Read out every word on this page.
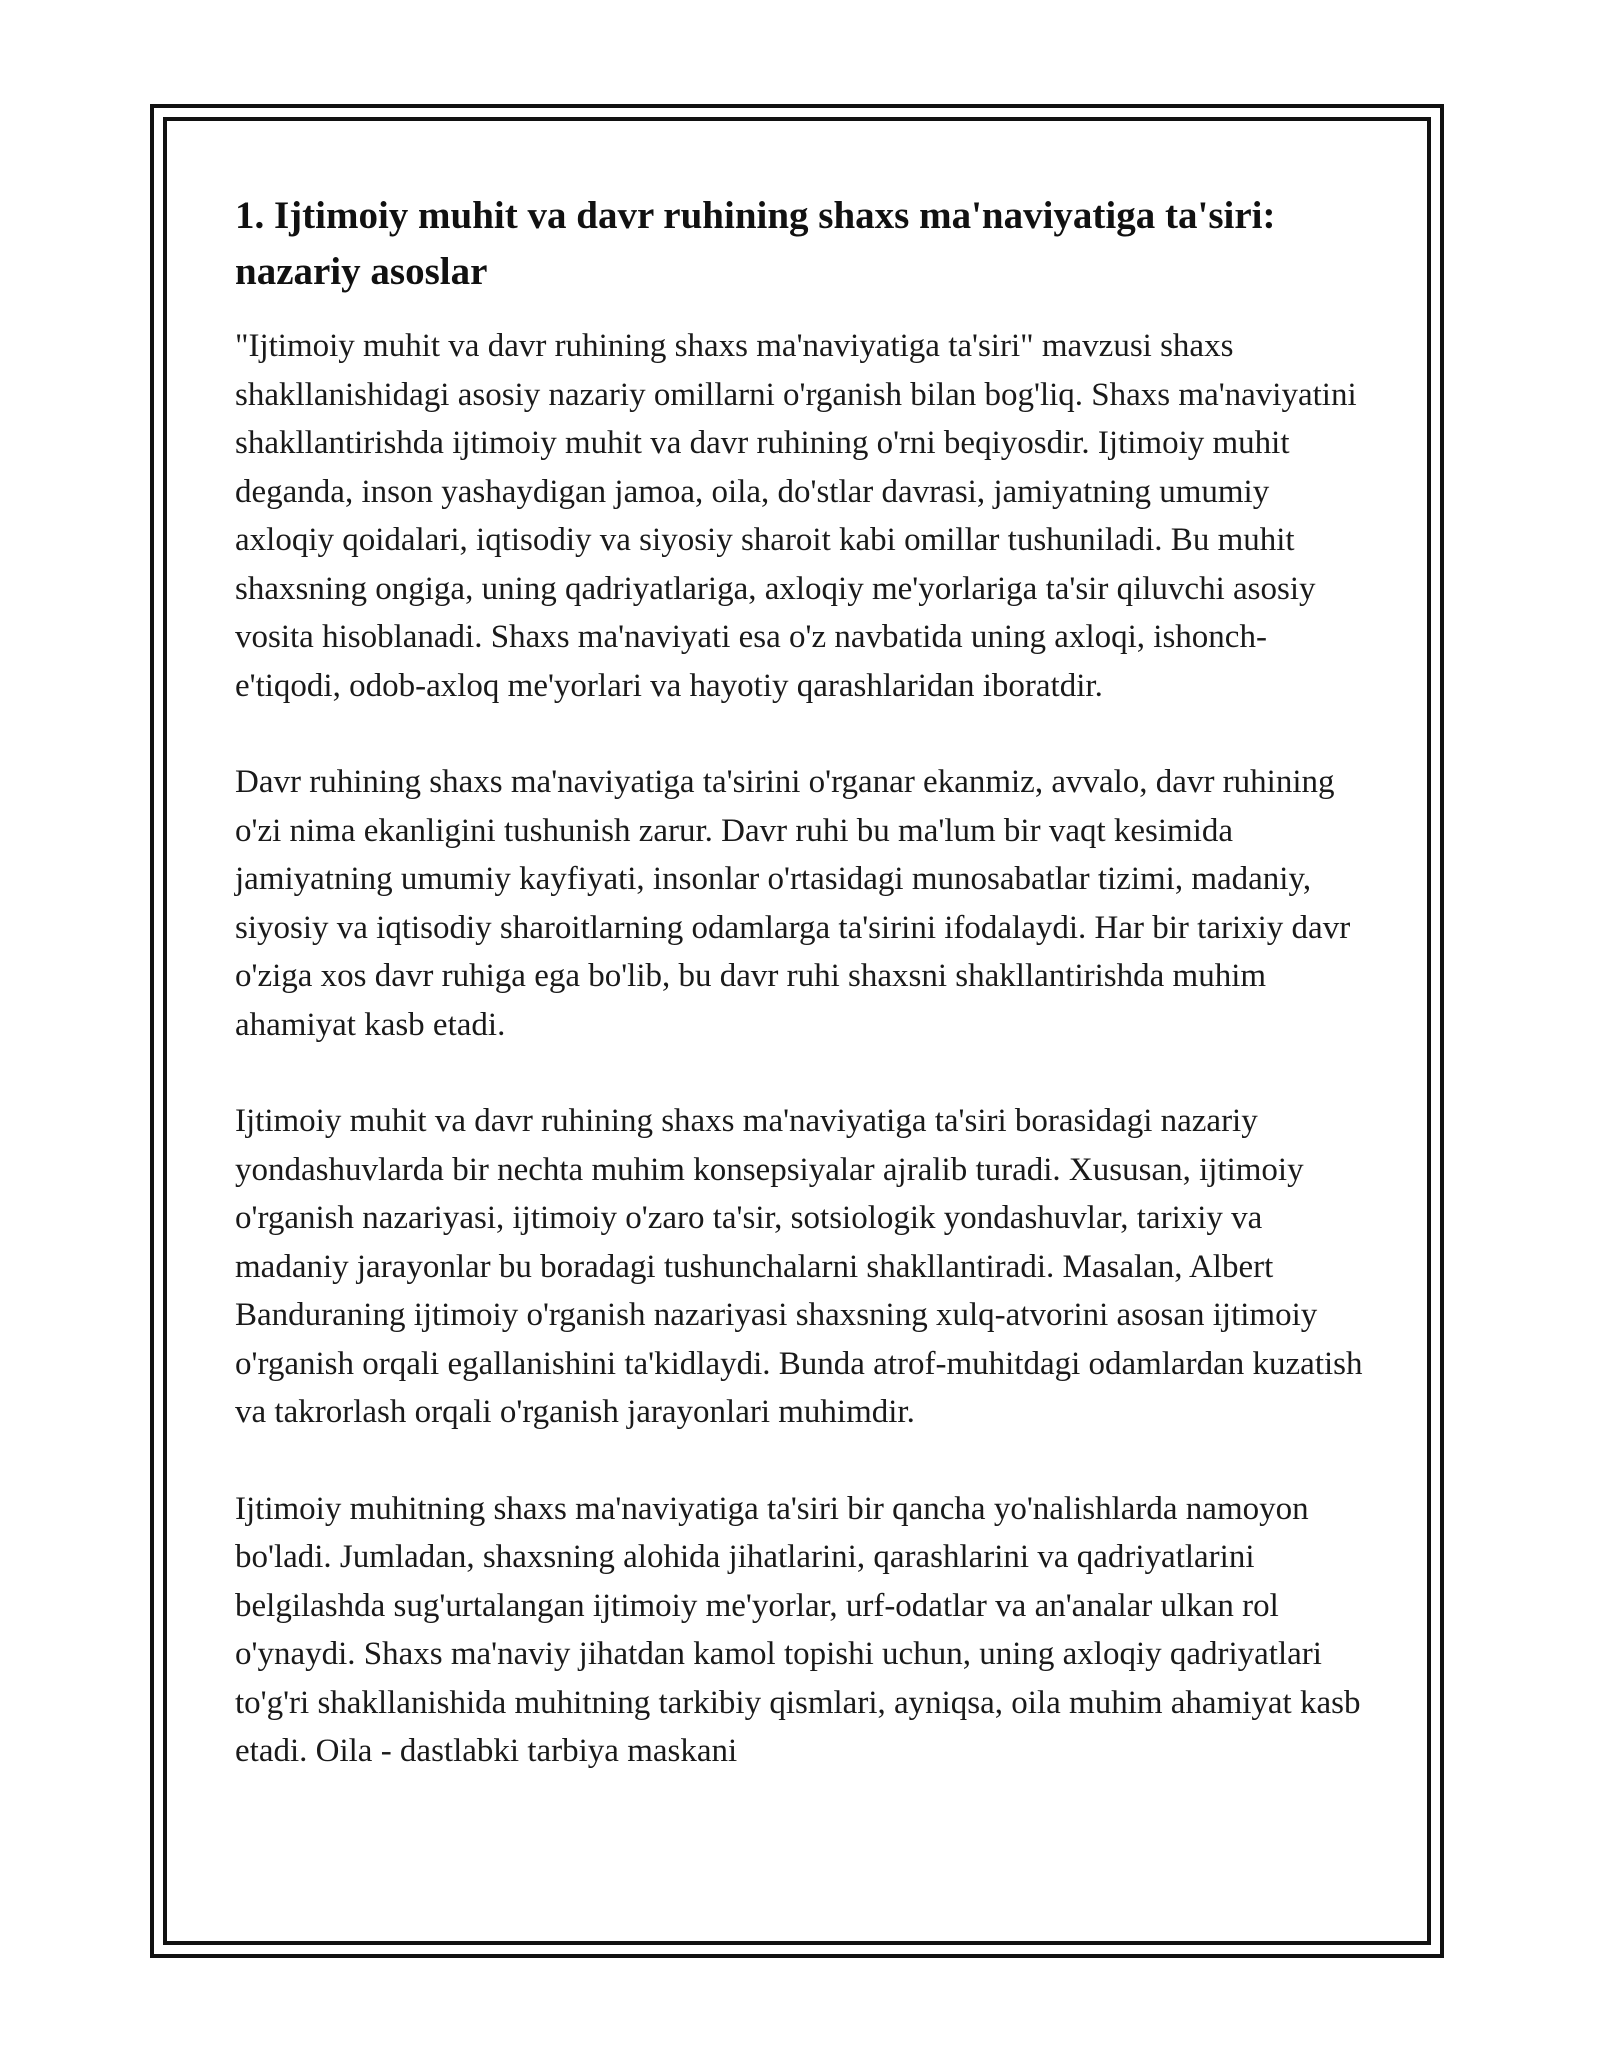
1. Ijtimoiy muhit va davr ruhining shaxs ma'naviyatiga ta'siri: nazariy asoslar

"Ijtimoiy muhit va davr ruhining shaxs ma'naviyatiga ta'siri" mavzusi shaxs shakllanishidagi asosiy nazariy omillarni o'rganish bilan bog'liq. Shaxs ma'naviyatini shakllantirishda ijtimoiy muhit va davr ruhining o'rni beqiyosdir. Ijtimoiy muhit deganda, inson yashaydigan jamoa, oila, do'stlar davrasi, jamiyatning umumiy axloqiy qoidalari, iqtisodiy va siyosiy sharoit kabi omillar tushuniladi. Bu muhit shaxsning ongiga, uning qadriyatlariga, axloqiy me'yorlariga ta'sir qiluvchi asosiy vosita hisoblanadi. Shaxs ma'naviyati esa o'z navbatida uning axloqi, ishonch-e'tiqodi, odob-axloq me'yorlari va hayotiy qarashlaridan iboratdir.

Davr ruhining shaxs ma'naviyatiga ta'sirini o'rganar ekanmiz, avvalo, davr ruhining o'zi nima ekanligini tushunish zarur. Davr ruhi bu ma'lum bir vaqt kesimida jamiyatning umumiy kayfiyati, insonlar o'rtasidagi munosabatlar tizimi, madaniy, siyosiy va iqtisodiy sharoitlarning odamlarga ta'sirini ifodalaydi. Har bir tarixiy davr o'ziga xos davr ruhiga ega bo'lib, bu davr ruhi shaxsni shakllantirishda muhim ahamiyat kasb etadi.

Ijtimoiy muhit va davr ruhining shaxs ma'naviyatiga ta'siri borasidagi nazariy yondashuvlarda bir nechta muhim konsepsiyalar ajralib turadi. Xususan, ijtimoiy o'rganish nazariyasi, ijtimoiy o'zaro ta'sir, sotsiologik yondashuvlar, tarixiy va madaniy jarayonlar bu boradagi tushunchalarni shakllantiradi. Masalan, Albert Banduraning ijtimoiy o'rganish nazariyasi shaxsning xulq-atvorini asosan ijtimoiy o'rganish orqali egallanishini ta'kidlaydi. Bunda atrof-muhitdagi odamlardan kuzatish va takrorlash orqali o'rganish jarayonlari muhimdir.

Ijtimoiy muhitning shaxs ma'naviyatiga ta'siri bir qancha yo'nalishlarda namoyon bo'ladi. Jumladan, shaxsning alohida jihatlarini, qarashlarini va qadriyatlarini belgilashda sug'urtalangan ijtimoiy me'yorlar, urf-odatlar va an'analar ulkan rol o'ynaydi. Shaxs ma'naviy jihatdan kamol topishi uchun, uning axloqiy qadriyatlari to'g'ri shakllanishida muhitning tarkibiy qismlari, ayniqsa, oila muhim ahamiyat kasb etadi. Oila - dastlabki tarbiya maskani
